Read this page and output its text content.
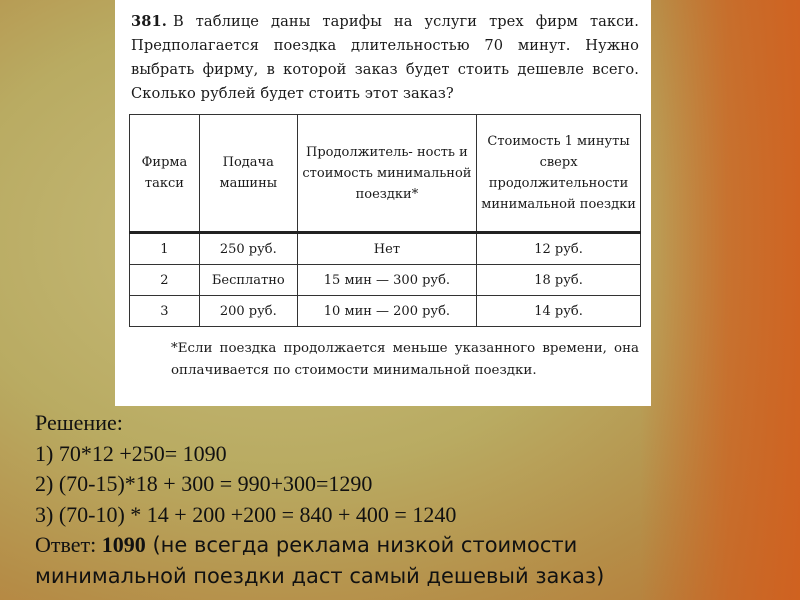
381. В таблице даны тарифы на услуги трех фирм такси. Предполагается поездка длительностью 70 минут. Нужно выбрать фирму, в которой заказ будет стоить дешевле всего. Сколько рублей будет стоить этот заказ?
Фирма такси	Подача машины	Продолжитель- ность и стоимость минимальной поездки*	Стоимость 1 минуты сверх продолжительности минимальной поездки
1	250 руб.	Нет	12 руб.
2	Бесплатно	15 мин — 300 руб.	18 руб.
3	200 руб.	10 мин — 200 руб.	14 руб.
*Если поездка продолжается меньше указанного времени, она оплачивается по стоимости минимальной поездки.
Решение:
1) 70*12 +250= 1090
2) (70-15)*18 + 300 = 990+300=1290
3) (70-10) * 14 + 200 +200 = 840 + 400 = 1240
Ответ: 1090 (не всегда реклама низкой стоимости
минимальной поездки даст самый дешевый заказ)
